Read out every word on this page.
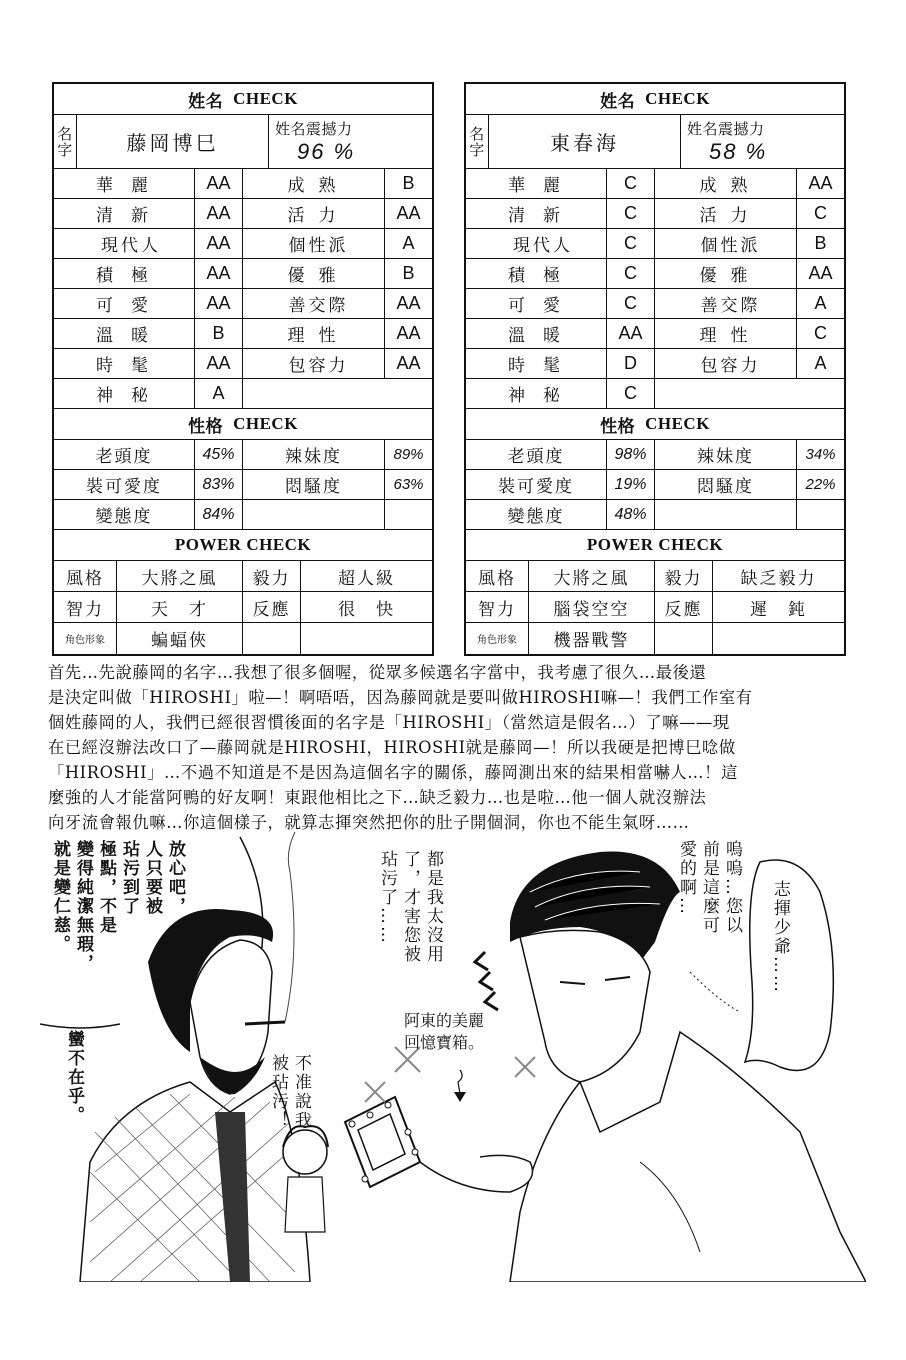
姓名 CHECK
名
字	藤岡博巳
姓名震撼力
96 %
華麗	AA	成熟	B
清新	AA	活力	AA
現代人	AA	個性派	A
積極	AA	優雅	B
可愛	AA	善交際	AA
溫暖	B	理性	AA
時髦	AA	包容力	AA
神秘	A
性格 CHECK
老頭度	45%	辣妹度	89%
裝可愛度	83%	悶騷度	63%
變態度	84%
POWER CHECK
風格	大將之風	毅力	超人級
智力	天　才	反應	很　快
角色形象	蝙蝠俠
姓名 CHECK
名
字	東春海
姓名震撼力
58 %
華麗	C	成熟	AA
清新	C	活力	C
現代人	C	個性派	B
積極	C	優雅	AA
可愛	C	善交際	A
溫暖	AA	理性	C
時髦	D	包容力	A
神秘	C
性格 CHECK
老頭度	98%	辣妹度	34%
裝可愛度	19%	悶騷度	22%
變態度	48%
POWER CHECK
風格	大將之風	毅力	缺乏毅力
智力	腦袋空空	反應	遲　鈍
角色形象	機器戰警

首先…先說藤岡的名字…我想了很多個喔，從眾多候選名字當中，我考慮了很久…最後還

是決定叫做「HIROSHI」啦—！啊唔唔，因為藤岡就是要叫做HIROSHI嘛—！我們工作室有

個姓藤岡的人，我們已經很習慣後面的名字是「HIROSHI」（當然這是假名…）了嘛——現

在已經沒辦法改口了—藤岡就是HIROSHI，HIROSHI就是藤岡—！所以我硬是把博巳唸做

「HIROSHI」…不過不知道是不是因為這個名字的關係，藤岡測出來的結果相當嚇人…！這

麼強的人才能當阿鴨的好友啊！東跟他相比之下…缺乏毅力…也是啦…他一個人就沒辦法

向牙流會報仇嘛…你這個樣子，就算志揮突然把你的肚子開個洞，你也不能生氣呀……

放心吧，
人只要被
玷污到了
極點，不是
變得純潔無瑕，
就是變仁慈。
蠻不在乎。
都是我太沒用
了，才害您被
玷污了……
阿東的美麗
回憶寶箱。
不准說我
被玷污！
嗚嗚…您以
前是這麼可
愛的啊…
志揮少爺……
